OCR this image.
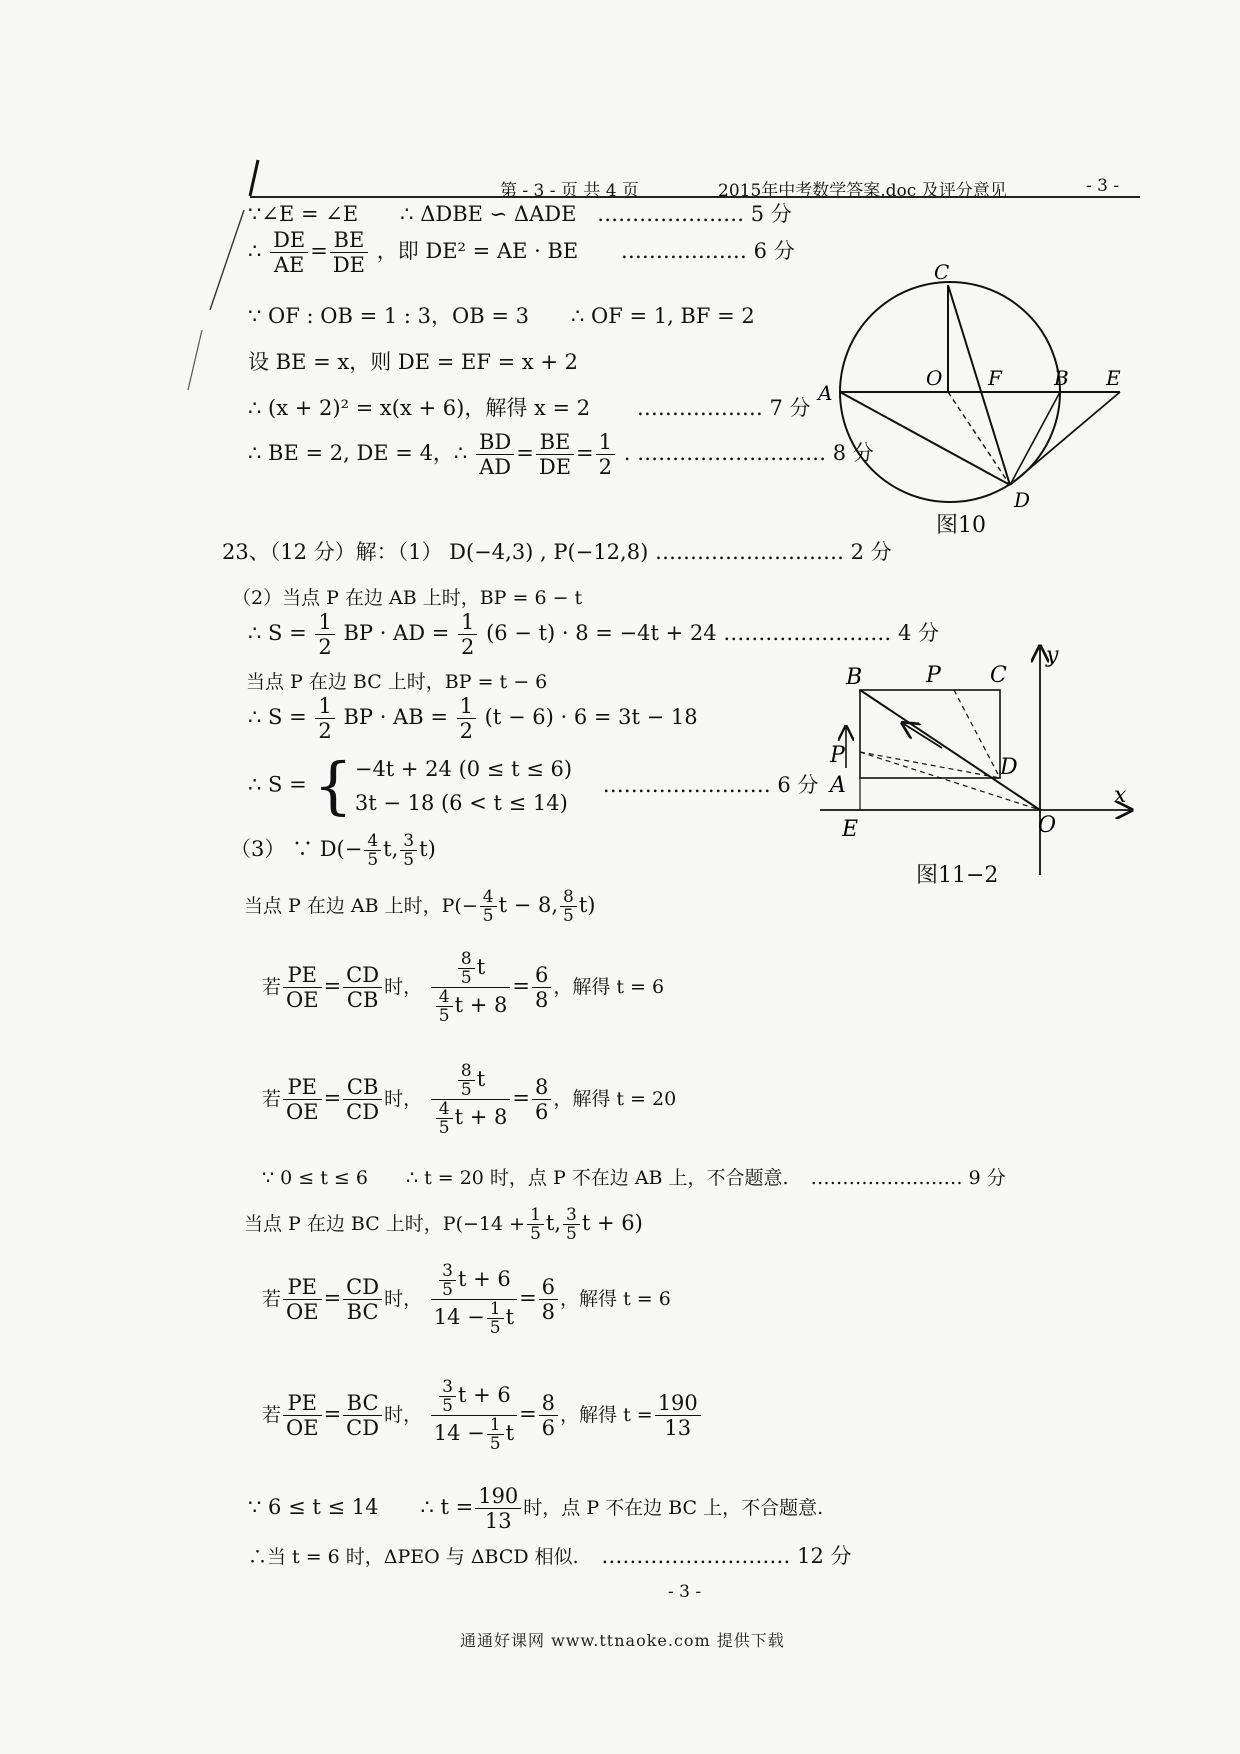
第 - 3 - 页 共 4 页	2015年中考数学答案.doc 及评分意见	- 3 -
∵∠E = ∠E　　∴ ΔDBE ∽ ΔADE ………………… 5 分
∴ $\frac{DE}{AE} = \frac{BE}{DE}$ ，即 DE² = AE · BE ……………… 6 分
∵ OF : OB = 1 : 3，OB = 3　　∴ OF = 1, BF = 2
设 BE = x，则 DE = EF = x + 2
∴ (x + 2)² = x(x + 6)，解得 x = 2 ……………… 7 分
∴ BE = 2, DE = 4，∴ $\frac{BD}{AD} = \frac{BE}{DE} = \frac{1}{2}$ . ……………………… 8 分
C
O F	B E
A
D
图10
23、（12 分）解：（1） D(−4,3) , P(−12,8) ……………………… 2 分
（2）当点 P 在边 AB 上时，BP = 6 − t
∴ $S = \frac{1}{2}$ BP · AD = $\frac{1}{2} (6 - t) \cdot 8 = -4t + 24$ …………………… 4 分
当点 P 在边 BC 上时，BP = t − 6
∴ $S = \frac{1}{2}$ BP · AB = $\frac{1}{2} (t - 6) \cdot 6 = 3t - 18$
∴ S = { −4t + 24 (0 ≤ t ≤ 6)
3t − 18 (6 < t ≤ 14)
…………………… 6 分
（3） ∵ $D(- \frac{4}{5} t$, $\frac{3}{5} t$)
当点 P 在边 AB 上时，$P(- \frac{4}{5}$ t − 8, $\frac{8}{5} t$)
若 $\frac{PE}{OE} = \frac{CD}{CB}$ 时， $\frac{\frac{8}{5} t}{\frac{4}{5} t + 8} = \frac{6}{8}$ ，解得 t = 6
若 $\frac{PE}{OE} = \frac{CB}{CD}$ 时， $\frac{\frac{8}{5} t}{\frac{4}{5} t + 8} = \frac{8}{6}$ ，解得 t = 20
∵ 0 ≤ t ≤ 6　　∴ t = 20 时，点 P 不在边 AB 上，不合题意. …………………… 9 分
当点 P 在边 BC 上时，$P(-14 + \frac{1}{5} t$, $\frac{3}{5}$ t + 6)
若 $\frac{PE}{OE} = \frac{CD}{BC}$ 时， $\frac{\frac{3}{5} t + 6}{14 - \frac{1}{5} t} = \frac{6}{8}$ ，解得 t = 6
若 $\frac{PE}{OE} = \frac{BC}{CD}$ 时， $\frac{\frac{3}{5} t + 6}{14 - \frac{1}{5} t} = \frac{8}{6}$ ，解得 $t = \frac{190}{13}$
∵ 6 ≤ t ≤ 14　　∴ $t = \frac{190}{13}$ 时，点 P 不在边 BC 上，不合题意.
∴当 t = 6 时，ΔPEO 与 ΔBCD 相似. ……………………… 12 分
B	P C
y
P	D
A	x
E	O
图11−2
- 3 -
通通好课网 www.ttnaoke.com 提供下载
